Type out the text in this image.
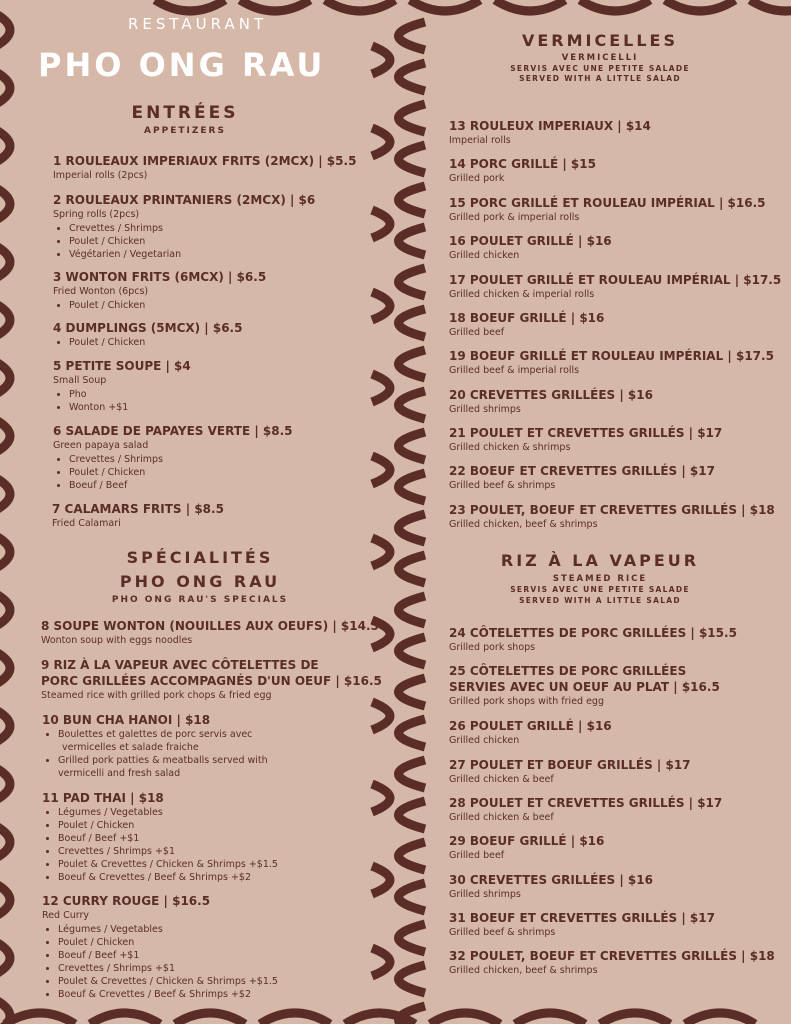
RESTAURANT
PHO ONG RAU
ENTRÉES
APPETIZERS
1 ROULEAUX IMPERIAUX FRITS (2MCX) | $5.5
Imperial rolls (2pcs)
2 ROULEAUX PRINTANIERS (2MCX) | $6
Spring rolls (2pcs)
• Crevettes / Shrimps
• Poulet / Chicken
• Végétarien / Vegetarian
3 WONTON FRITS (6MCX) | $6.5
Fried Wonton (6pcs)
• Poulet / Chicken
4 DUMPLINGS (5MCX) | $6.5
• Poulet / Chicken
5 PETITE SOUPE | $4
Small Soup
• Pho
• Wonton +$1
6 SALADE DE PAPAYES VERTE | $8.5
Green papaya salad
• Crevettes / Shrimps
• Poulet / Chicken
• Boeuf / Beef
7 CALAMARS FRITS | $8.5
Fried Calamari
SPÉCIALITÉS
PHO ONG RAU
PHO ONG RAU'S SPECIALS
8 SOUPE WONTON (NOUILLES AUX OEUFS) | $14.5
Wonton soup with eggs noodles
9 RIZ À LA VAPEUR AVEC CÔTELETTES DE
PORC GRILLÉES ACCOMPAGNÉS D'UN OEUF | $16.5
Steamed rice with grilled pork chops & fried egg
10 BUN CHA HANOI | $18
• Boulettes et galettes de porc servis avec
vermicelles et salade fraiche
• Grilled pork patties & meatballs served with
vermicelli and fresh salad
11 PAD THAI | $18
• Légumes / Vegetables
• Poulet / Chicken
• Boeuf / Beef +$1
• Crevettes / Shrimps +$1
• Poulet & Crevettes / Chicken & Shrimps +$1.5
• Boeuf & Crevettes / Beef & Shrimps +$2
12 CURRY ROUGE | $16.5
Red Curry
• Légumes / Vegetables
• Poulet / Chicken
• Boeuf / Beef +$1
• Crevettes / Shrimps +$1
• Poulet & Crevettes / Chicken & Shrimps +$1.5
• Boeuf & Crevettes / Beef & Shrimps +$2
VERMICELLES
VERMICELLI
SERVIS AVEC UNE PETITE SALADE
SERVED WITH A LITTLE SALAD
13 ROULEUX IMPERIAUX | $14
Imperial rolls
14 PORC GRILLÉ | $15
Grilled pork
15 PORC GRILLÉ ET ROULEAU IMPÉRIAL | $16.5
Grilled pork & imperial rolls
16 POULET GRILLÉ | $16
Grilled chicken
17 POULET GRILLÉ ET ROULEAU IMPÉRIAL | $17.5
Grilled chicken & imperial rolls
18 BOEUF GRILLÉ | $16
Grilled beef
19 BOEUF GRILLÉ ET ROULEAU IMPÉRIAL | $17.5
Grilled beef & imperial rolls
20 CREVETTES GRILLÉES | $16
Grilled shrimps
21 POULET ET CREVETTES GRILLÉS | $17
Grilled chicken & shrimps
22 BOEUF ET CREVETTES GRILLÉS | $17
Grilled beef & shrimps
23 POULET, BOEUF ET CREVETTES GRILLÉS | $18
Grilled chicken, beef & shrimps
RIZ À LA VAPEUR
STEAMED RICE
SERVIS AVEC UNE PETITE SALADE
SERVED WITH A LITTLE SALAD
24 CÔTELETTES DE PORC GRILLÉES | $15.5
Grilled pork shops
25 CÔTELETTES DE PORC GRILLÉES
SERVIES AVEC UN OEUF AU PLAT | $16.5
Grilled pork shops with fried egg
26 POULET GRILLÉ | $16
Grilled chicken
27 POULET ET BOEUF GRILLÉS | $17
Grilled chicken & beef
28 POULET ET CREVETTES GRILLÉS | $17
Grilled chicken & beef
29 BOEUF GRILLÉ | $16
Grilled beef
30 CREVETTES GRILLÉES | $16
Grilled shrimps
31 BOEUF ET CREVETTES GRILLÉS | $17
Grilled beef & shrimps
32 POULET, BOEUF ET CREVETTES GRILLÉS | $18
Grilled chicken, beef & shrimps
